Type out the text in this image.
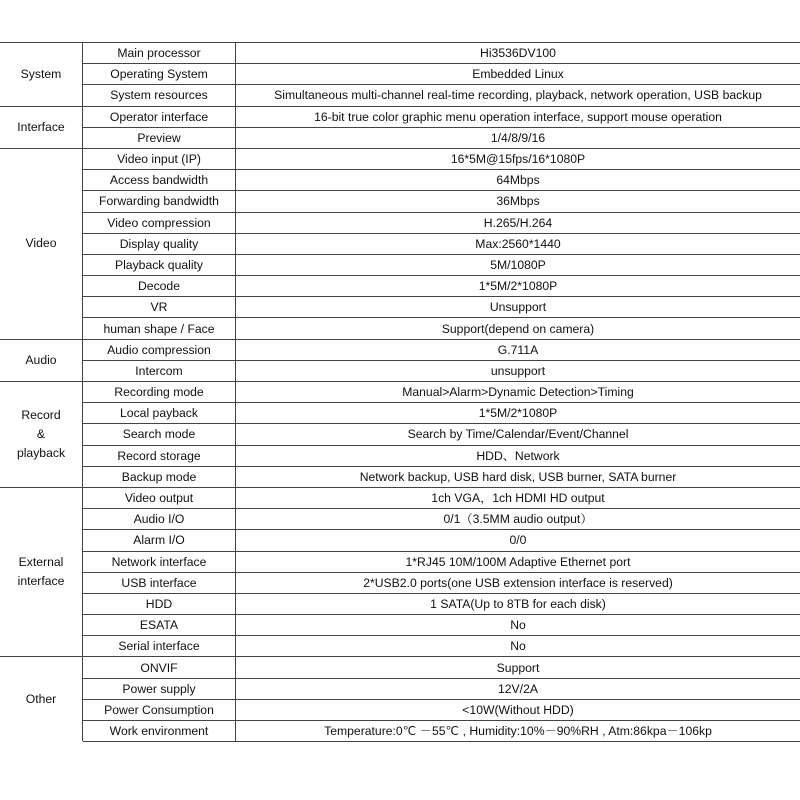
System	Main processor	Hi3536DV100
	Operating System	Embedded Linux
	System resources	Simultaneous multi-channel real-time recording, playback, network operation, USB backup

Interface	Operator interface	16-bit true color graphic menu operation interface, support mouse operation
	Preview	1/4/8/9/16

Video	Video input (IP)	16*5M@15fps/16*1080P
	Access bandwidth	64Mbps
	Forwarding bandwidth	36Mbps
	Video compression	H.265/H.264
	Display quality	Max:2560*1440
	Playback quality	5M/1080P
	Decode	1*5M/2*1080P
	VR	Unsupport
	human shape / Face	Support(depend on camera)

Audio	Audio compression	G.711A
	Intercom	unsupport

Record
&
playback	Recording mode	Manual>Alarm>Dynamic Detection>Timing
	Local payback	1*5M/2*1080P
	Search mode	Search by Time/Calendar/Event/Channel
	Record storage	HDD、Network
	Backup mode	Network backup, USB hard disk, USB burner, SATA burner

External
interface	Video output	1ch VGA，1ch HDMI HD output
	Audio I/O	0/1（3.5MM audio output）
	Alarm I/O	0/0
	Network interface	1*RJ45 10M/100M Adaptive Ethernet port
	USB interface	2*USB2.0 ports(one USB extension interface is reserved)
	HDD	1 SATA(Up to 8TB for each disk)
	ESATA	No
	Serial interface	No

Other	ONVIF	Support
	Power supply	12V/2A
	Power Consumption	<10W(Without HDD)
	Work environment	Temperature:0℃ －55℃ , Humidity:10%－90%RH , Atm:86kpa－106kp
